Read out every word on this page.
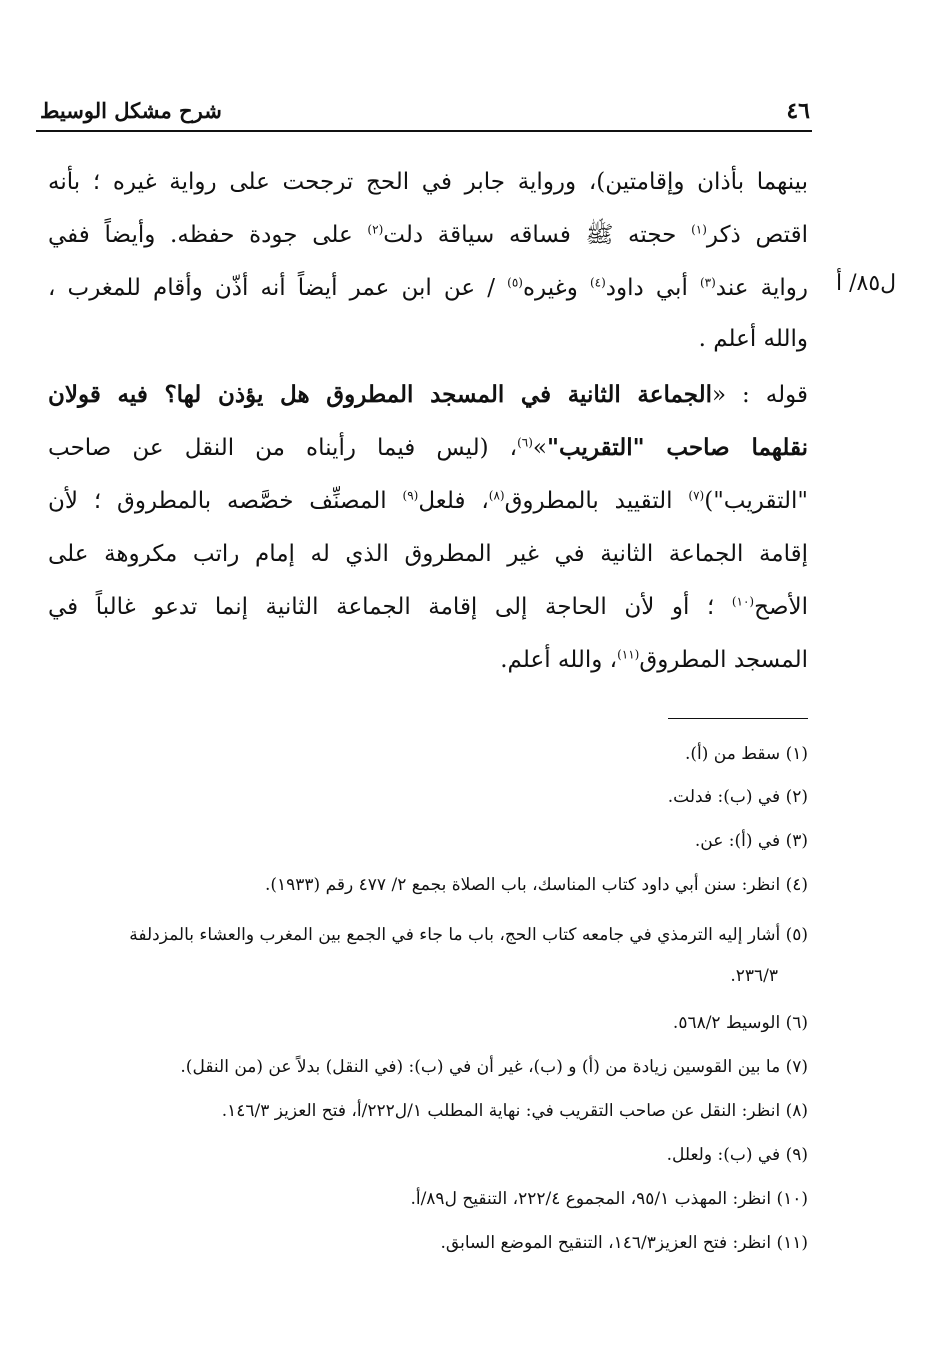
٤٦
شرح مشكل الوسيط
ل٨٥/ أ
بينهما بأذان وإقامتين)، ورواية جابر في الحج ترجحت على رواية غيره ؛ بأنه
اقتص ذكر$^{(١)}$ حجته ﷺ فساقه سياقة دلت$^{(٢)}$ على جودة حفظه. وأيضاً ففي
رواية عند$^{(٣)}$ أبي داود$^{(٤)}$ وغيره$^{(٥)}$ / عن ابن عمر أيضاً أنه أذّن وأقام للمغرب ،
والله أعلم .
قوله : «الجماعة الثانية في المسجد المطروق هل يؤذن لها؟ فيه قولان
نقلهما صاحب "التقريب"»$^{(٦)}$، (ليس فيما رأيناه من النقل عن صاحب
"التقريب")$^{(٧)}$ التقييد بالمطروق$^{(٨)}$، فلعل$^{(٩)}$ المصنِّف خصَّصه بالمطروق ؛ لأن
إقامة الجماعة الثانية في غير المطروق الذي له إمام راتب مكروهة على
الأصح$^{(١٠)}$ ؛ أو لأن الحاجة إلى إقامة الجماعة الثانية إنما تدعو غالباً في
المسجد المطروق$^{(١١)}$، والله أعلم.
(١) سقط من (أ).
(٢) في (ب): فدلت.
(٣) في (أ): عن.
(٤) انظر: سنن أبي داود كتاب المناسك، باب الصلاة بجمع ٢/ ٤٧٧ رقم (١٩٣٣).
(٥) أشار إليه الترمذي في جامعه كتاب الحج، باب ما جاء في الجمع بين المغرب والعشاء بالمزدلفة
٢٣٦/٣.
(٦) الوسيط ٥٦٨/٢.
(٧) ما بين القوسين زيادة من (أ) و (ب)، غير أن في (ب): (في النقل) بدلاً عن (من النقل).
(٨) انظر: النقل عن صاحب التقريب في: نهاية المطلب ١/ل٢٢٢/أ، فتح العزيز ١٤٦/٣.
(٩) في (ب): ولعلل.
(١٠) انظر: المهذب ٩٥/١، المجموع ٢٢٢/٤، التنقيح ل٨٩/أ.
(١١) انظر: فتح العزيز١٤٦/٣، التنقيح الموضع السابق.
